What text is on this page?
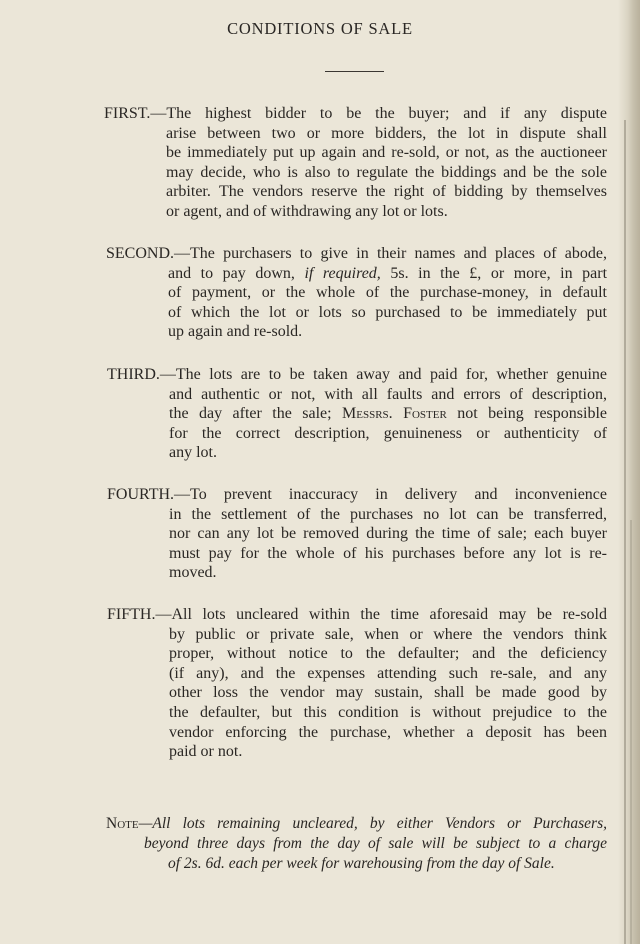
CONDITIONS OF SALE
FIRST.—The highest bidder to be the buyer; and if any dispute
arise between two or more bidders, the lot in dispute shall
be immediately put up again and re-sold, or not, as the auctioneer
may decide, who is also to regulate the biddings and be the sole
arbiter. The vendors reserve the right of bidding by themselves
or agent, and of withdrawing any lot or lots.
SECOND.—The purchasers to give in their names and places of abode,
and to pay down, if required, 5s. in the £, or more, in part
of payment, or the whole of the purchase-money, in default
of which the lot or lots so purchased to be immediately put
up again and re-sold.
THIRD.—The lots are to be taken away and paid for, whether genuine
and authentic or not, with all faults and errors of description,
the day after the sale; Messrs. Foster not being responsible
for the correct description, genuineness or authenticity of
any lot.
FOURTH.—To prevent inaccuracy in delivery and inconvenience
in the settlement of the purchases no lot can be transferred,
nor can any lot be removed during the time of sale; each buyer
must pay for the whole of his purchases before any lot is re-
moved.
FIFTH.—All lots uncleared within the time aforesaid may be re-sold
by public or private sale, when or where the vendors think
proper, without notice to the defaulter; and the deficiency
(if any), and the expenses attending such re-sale, and any
other loss the vendor may sustain, shall be made good by
the defaulter, but this condition is without prejudice to the
vendor enforcing the purchase, whether a deposit has been
paid or not.
Note—All lots remaining uncleared, by either Vendors or Purchasers,
beyond three days from the day of sale will be subject to a charge
of 2s. 6d. each per week for warehousing from the day of Sale.
